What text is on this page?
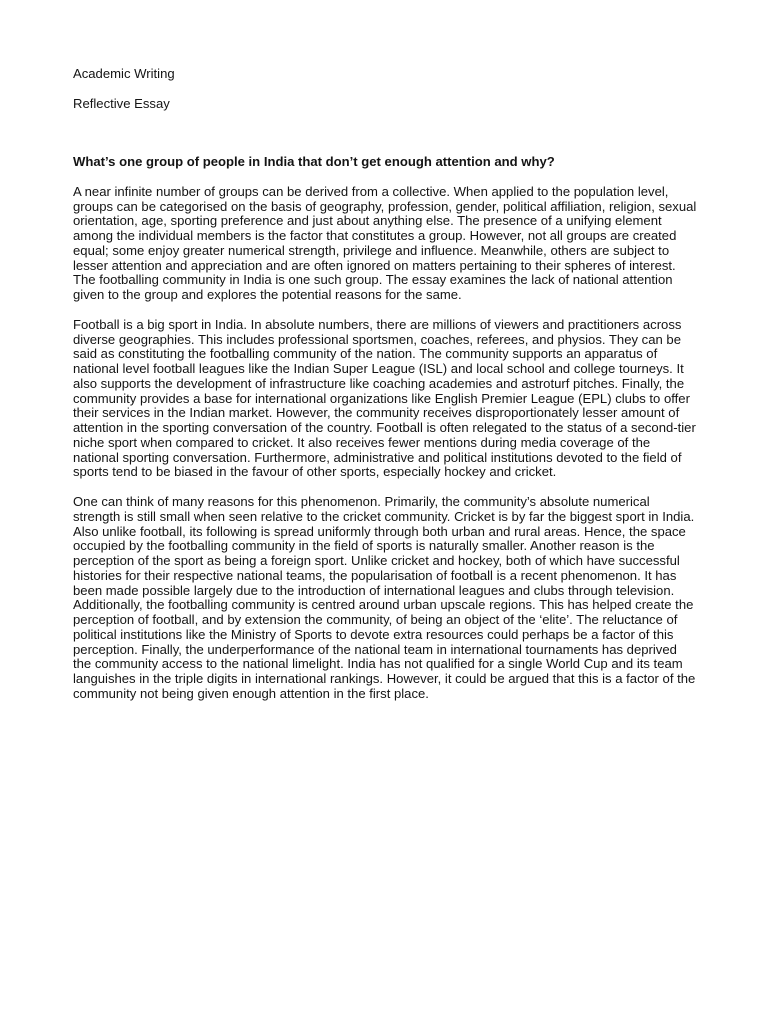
Academic Writing

Reflective Essay

What’s one group of people in India that don’t get enough attention and why?

A near infinite number of groups can be derived from a collective. When applied to the population level, groups can be categorised on the basis of geography, profession, gender, political affiliation, religion, sexual orientation, age, sporting preference and just about anything else. The presence of a unifying element among the individual members is the factor that constitutes a group. However, not all groups are created equal; some enjoy greater numerical strength, privilege and influence. Meanwhile, others are subject to lesser attention and appreciation and are often ignored on matters pertaining to their spheres of interest. The footballing community in India is one such group. The essay examines the lack of national attention given to the group and explores the potential reasons for the same.

Football is a big sport in India. In absolute numbers, there are millions of viewers and practitioners across diverse geographies. This includes professional sportsmen, coaches, referees, and physios. They can be said as constituting the footballing community of the nation. The community supports an apparatus of national level football leagues like the Indian Super League (ISL) and local school and college tourneys. It also supports the development of infrastructure like coaching academies and astroturf pitches. Finally, the community provides a base for international organizations like English Premier League (EPL) clubs to offer their services in the Indian market. However, the community receives disproportionately lesser amount of attention in the sporting conversation of the country. Football is often relegated to the status of a second-tier niche sport when compared to cricket. It also receives fewer mentions during media coverage of the national sporting conversation. Furthermore, administrative and political institutions devoted to the field of sports tend to be biased in the favour of other sports, especially hockey and cricket.

One can think of many reasons for this phenomenon. Primarily, the community’s absolute numerical strength is still small when seen relative to the cricket community. Cricket is by far the biggest sport in India. Also unlike football, its following is spread uniformly through both urban and rural areas. Hence, the space occupied by the footballing community in the field of sports is naturally smaller. Another reason is the perception of the sport as being a foreign sport. Unlike cricket and hockey, both of which have successful histories for their respective national teams, the popularisation of football is a recent phenomenon. It has been made possible largely due to the introduction of international leagues and clubs through television. Additionally, the footballing community is centred around urban upscale regions. This has helped create the perception of football, and by extension the community, of being an object of the ‘elite’. The reluctance of political institutions like the Ministry of Sports to devote extra resources could perhaps be a factor of this perception. Finally, the underperformance of the national team in international tournaments has deprived the community access to the national limelight. India has not qualified for a single World Cup and its team languishes in the triple digits in international rankings. However, it could be argued that this is a factor of the community not being given enough attention in the first place.
